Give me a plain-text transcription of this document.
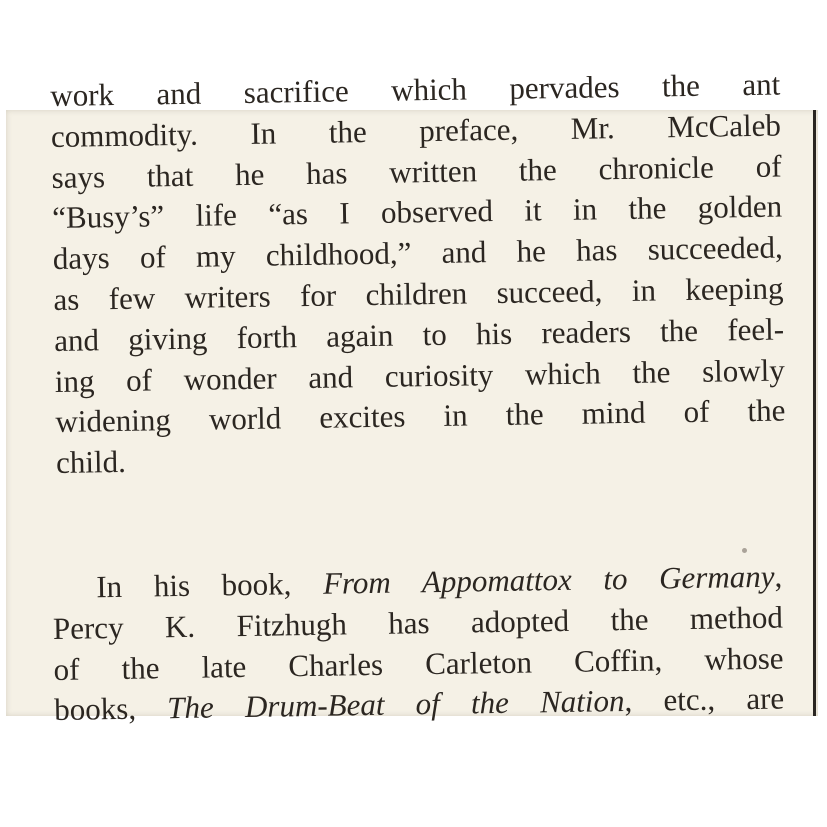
work and sacrifice which pervades the ant
commodity. In the preface, Mr. McCaleb
says that he has written the chronicle of
“Busy’s” life “as I observed it in the golden
days of my childhood,” and he has succeeded,
as few writers for children succeed, in keeping
and giving forth again to his readers the feel-
ing of wonder and curiosity which the slowly
widening world excites in the mind of the
child.
In his book, From Appomattox to Germany,
Percy K. Fitzhugh has adopted the method
of the late Charles Carleton Coffin, whose
books, The Drum-Beat of the Nation, etc., are
